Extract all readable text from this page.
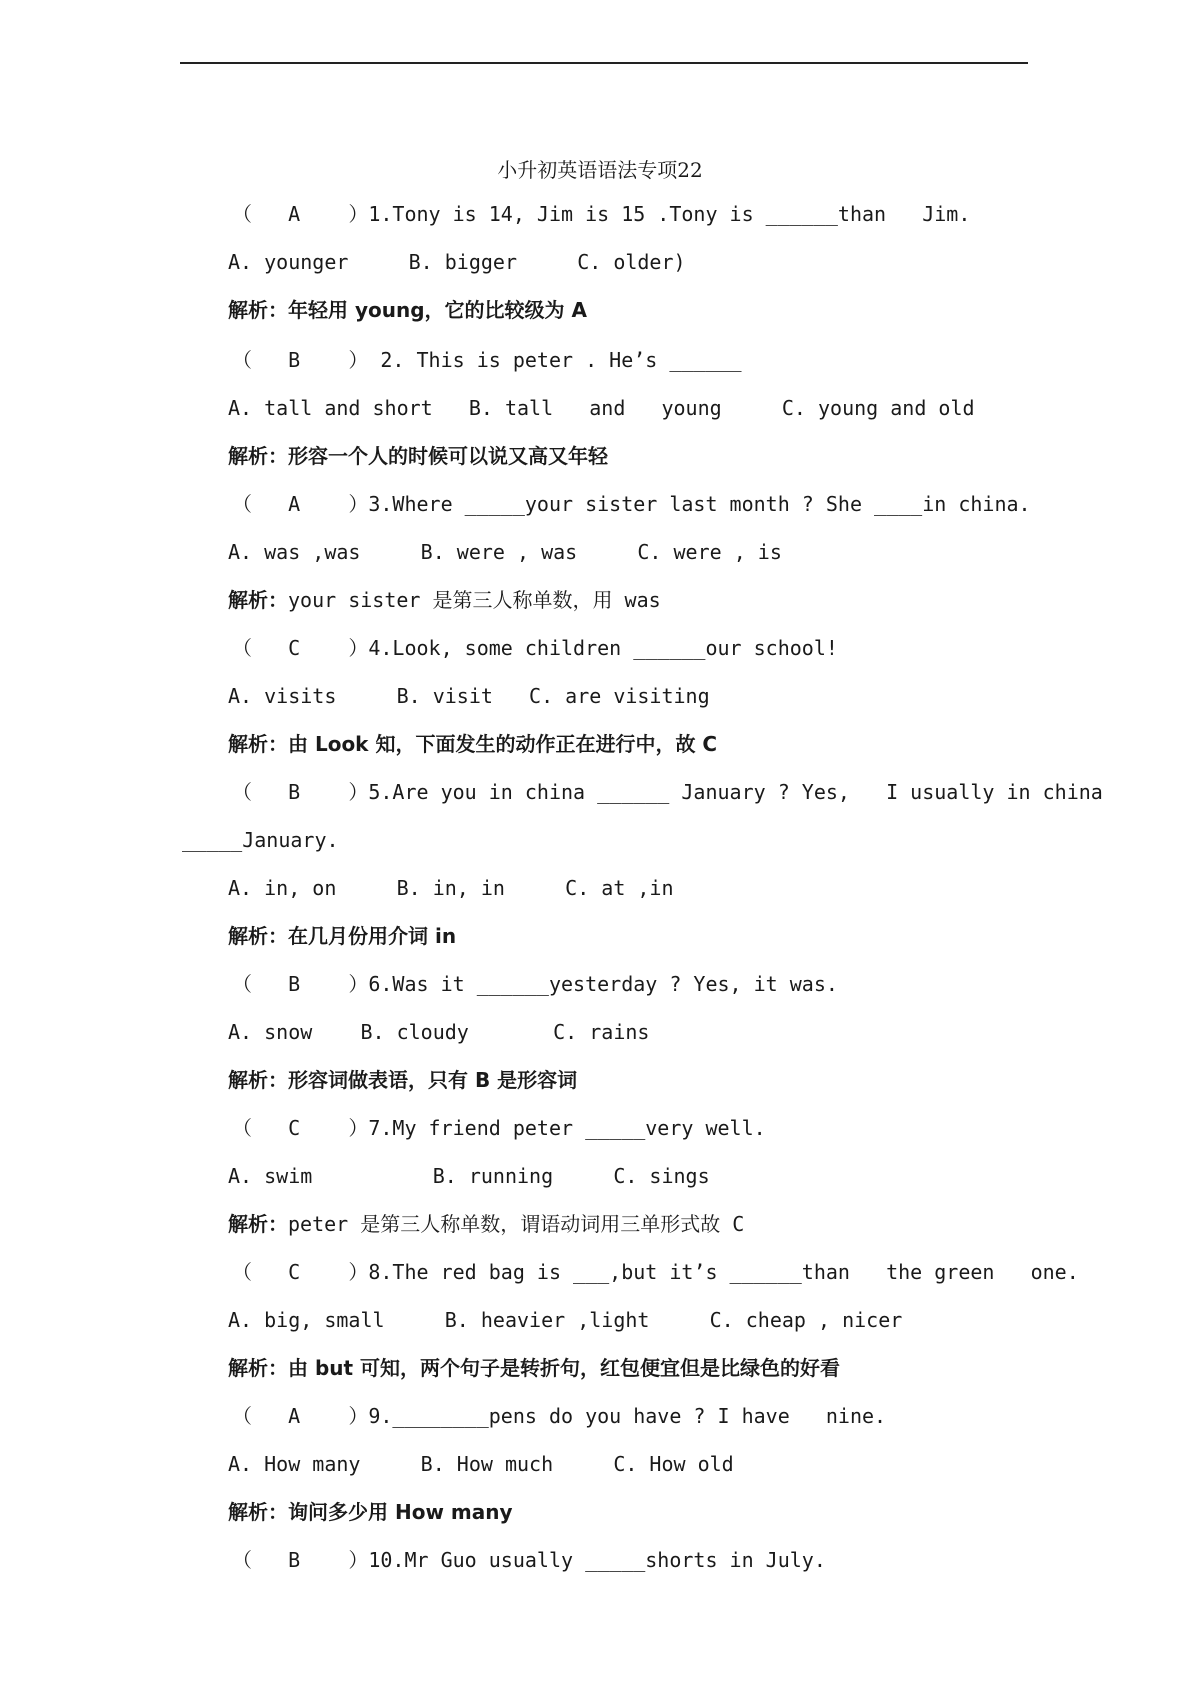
小升初英语语法专项22
（   A    ）1.Tony is 14, Jim is 15 .Tony is ______than   Jim.
A. younger     B. bigger     C. older)
解析：年轻用 young，它的比较级为 A
（   B    ） 2. This is peter . He’s ______
A. tall and short   B. tall   and   young     C. young and old
解析：形容一个人的时候可以说又高又年轻
（   A    ）3.Where _____your sister last month ? She ____in china.
A. was ,was     B. were , was     C. were , is
解析：your sister 是第三人称单数，用 was
（   C    ）4.Look, some children ______our school!
A. visits     B. visit   C. are visiting
解析：由 Look 知，下面发生的动作正在进行中，故 C
（   B    ）5.Are you in china ______ January ? Yes,   I usually in china
_____January.
A. in, on     B. in, in     C. at ,in
解析：在几月份用介词 in
（   B    ）6.Was it ______yesterday ? Yes, it was.
A. snow    B. cloudy       C. rains
解析：形容词做表语，只有 B 是形容词
（   C    ）7.My friend peter _____very well.
A. swim          B. running     C. sings
解析：peter 是第三人称单数，谓语动词用三单形式故 C
（   C    ）8.The red bag is ___,but it’s ______than   the green   one.
A. big, small     B. heavier ,light     C. cheap , nicer
解析：由 but 可知，两个句子是转折句，红包便宜但是比绿色的好看
（   A    ）9.________pens do you have ? I have   nine.
A. How many     B. How much     C. How old
解析：询问多少用 How many
（   B    ）10.Mr Guo usually _____shorts in July.
